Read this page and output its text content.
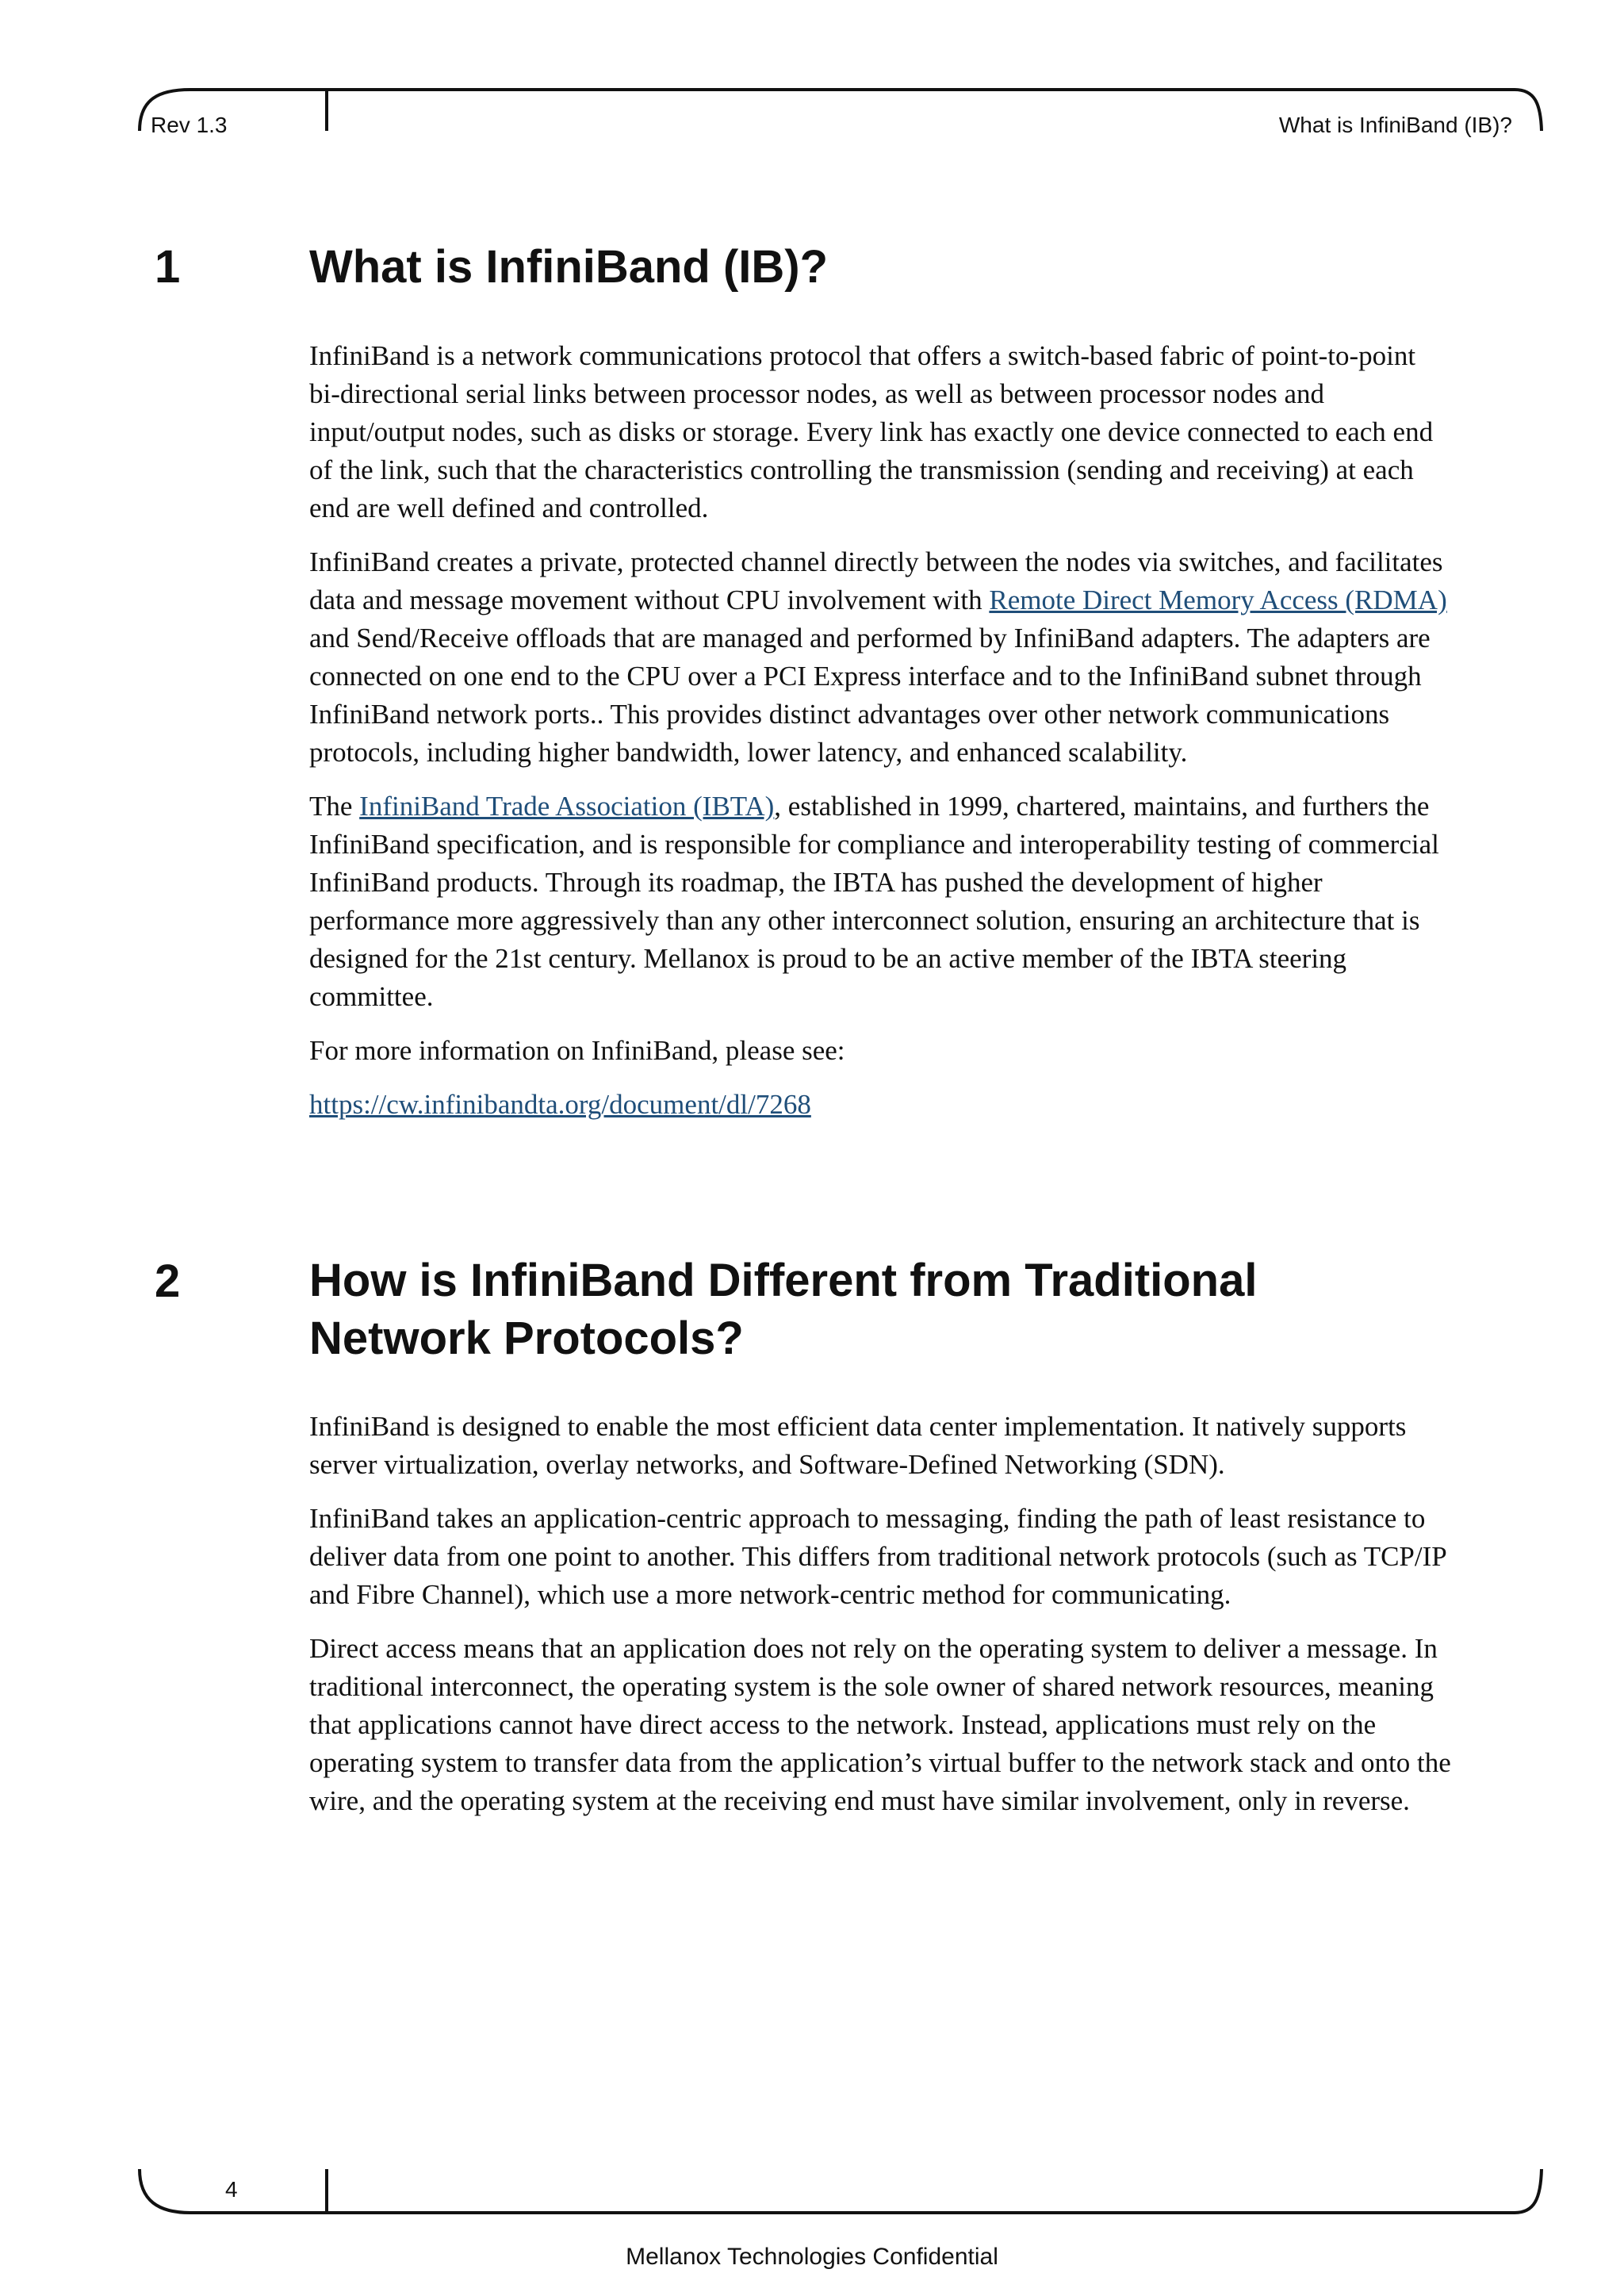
Rev 1.3	What is InfiniBand (IB)?
1	What is InfiniBand (IB)?

InfiniBand is a network communications protocol that offers a switch-based fabric of point-to-point bi-directional serial links between processor nodes, as well as between processor nodes and input/output nodes, such as disks or storage. Every link has exactly one device connected to each end of the link, such that the characteristics controlling the transmission (sending and receiving) at each end are well defined and controlled.

InfiniBand creates a private, protected channel directly between the nodes via switches, and facilitates data and message movement without CPU involvement with Remote Direct Memory Access (RDMA) and Send/Receive offloads that are managed and performed by InfiniBand adapters. The adapters are connected on one end to the CPU over a PCI Express interface and to the InfiniBand subnet through InfiniBand network ports.. This provides distinct advantages over other network communications protocols, including higher bandwidth, lower latency, and enhanced scalability.

The InfiniBand Trade Association (IBTA), established in 1999, chartered, maintains, and furthers the InfiniBand specification, and is responsible for compliance and interoperability testing of commercial InfiniBand products. Through its roadmap, the IBTA has pushed the development of higher performance more aggressively than any other interconnect solution, ensuring an architecture that is designed for the 21st century. Mellanox is proud to be an active member of the IBTA steering committee.

For more information on InfiniBand, please see:

https://cw.infinibandta.org/document/dl/7268

2	How is InfiniBand Different from Traditional
Network Protocols?

InfiniBand is designed to enable the most efficient data center implementation. It natively supports server virtualization, overlay networks, and Software-Defined Networking (SDN).

InfiniBand takes an application-centric approach to messaging, finding the path of least resistance to deliver data from one point to another. This differs from traditional network protocols (such as TCP/IP and Fibre Channel), which use a more network-centric method for communicating.

Direct access means that an application does not rely on the operating system to deliver a message. In traditional interconnect, the operating system is the sole owner of shared network resources, meaning that applications cannot have direct access to the network. Instead, applications must rely on the operating system to transfer data from the application’s virtual buffer to the network stack and onto the wire, and the operating system at the receiving end must have similar involvement, only in reverse.

4
Mellanox Technologies Confidential
